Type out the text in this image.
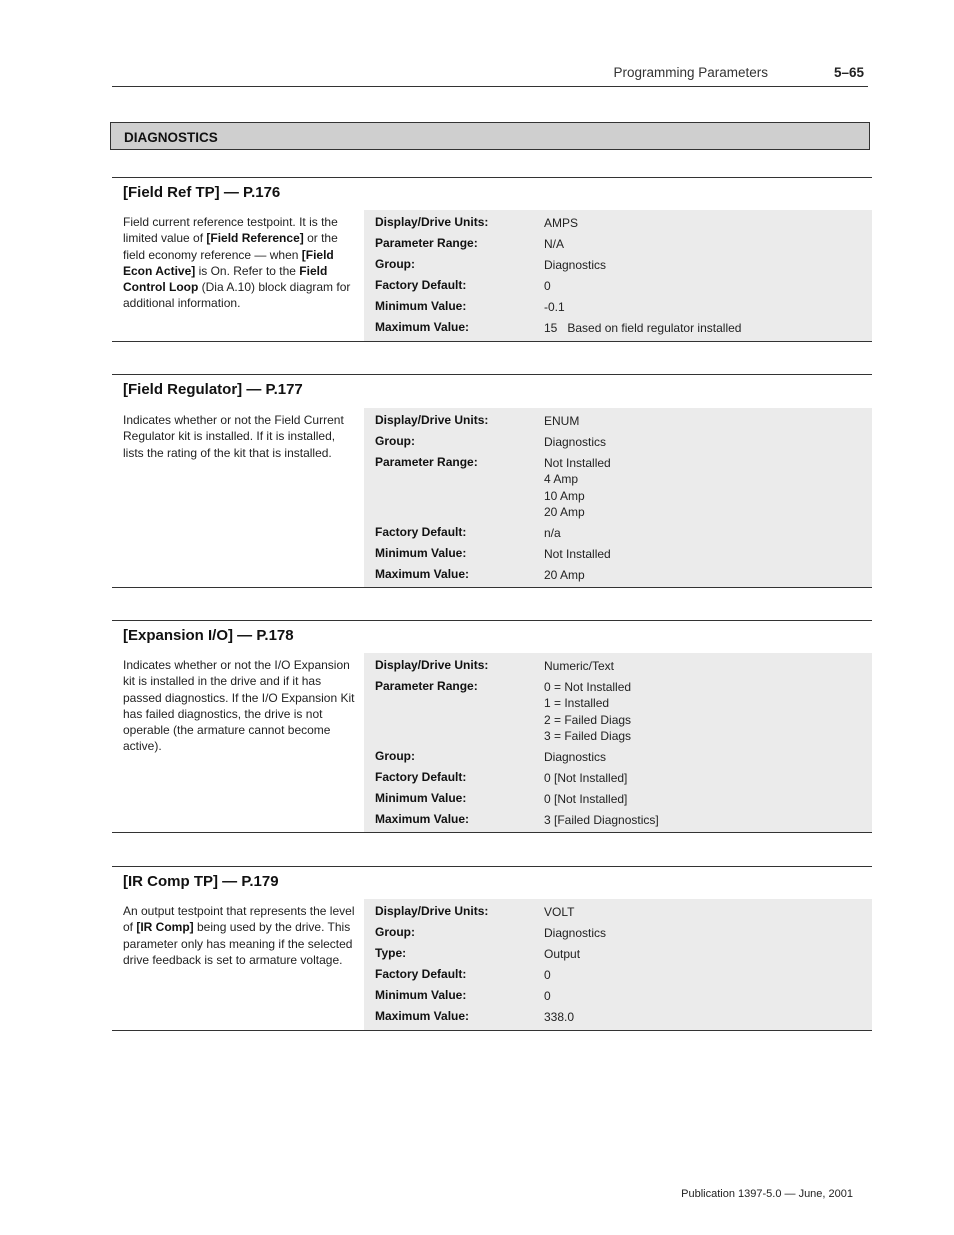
Programming Parameters	5–65
DIAGNOSTICS
[Field Ref TP] — P.176
Field current reference testpoint. It is the limited value of [Field Reference] or the field economy reference — when [Field Econ Active] is On. Refer to the Field Control Loop (Dia A.10) block diagram for additional information.
Display/Drive Units:	AMPS
Parameter Range:	N/A
Group:	Diagnostics
Factory Default:	0
Minimum Value:	-0.1
Maximum Value:	15   Based on field regulator installed
[Field Regulator] — P.177
Indicates whether or not the Field Current Regulator kit is installed. If it is installed, lists the rating of the kit that is installed.
Display/Drive Units:	ENUM
Group:	Diagnostics
Parameter Range:	Not Installed
4 Amp
10 Amp
20 Amp
Factory Default:	n/a
Minimum Value:	Not Installed
Maximum Value:	20 Amp
[Expansion I/O] — P.178
Indicates whether or not the I/O Expansion kit is installed in the drive and if it has passed diagnostics. If the I/O Expansion Kit has failed diagnostics, the drive is not operable (the armature cannot become active).
Display/Drive Units:	Numeric/Text
Parameter Range:	0 = Not Installed
1 = Installed
2 = Failed Diags
3 = Failed Diags
Group:	Diagnostics
Factory Default:	0 [Not Installed]
Minimum Value:	0 [Not Installed]
Maximum Value:	3 [Failed Diagnostics]
[IR Comp TP] — P.179
An output testpoint that represents the level of [IR Comp] being used by the drive. This parameter only has meaning if the selected drive feedback is set to armature voltage.
Display/Drive Units:	VOLT
Group:	Diagnostics
Type:	Output
Factory Default:	0
Minimum Value:	0
Maximum Value:	338.0
Publication 1397-5.0 — June, 2001
